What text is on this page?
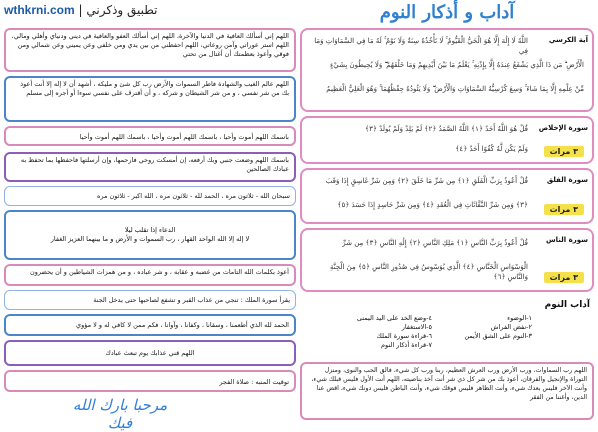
wthkrni.com | تطبيق وذكرني	آداب و أذكار النوم
اللهم إني أسألك العافية في الدنيا والآخرة، اللهم إني أسألك العفو والعافية في ديني ودنياي وأهلي ومالي، اللهم استر عوراتي وآمن روعاتي، اللهم احفظني من بين يدي ومن خلفي وعن يميني وعن شمالي ومن فوقي وأعوذ بعظمتك أن أغتال من تحتي
اللهم عالم الغيب والشهادة فاطر السموات والأرض رب كل شئ و مليكه ، أشهد أن لا إله إلا أنت أعوذ بك من شر نفسي ، و من شر الشيطان و شركه ، و أن أقترف على نفسي سوءا أو أجره إلى مسلم
باسمك اللهم أموت وأحيا ، باسمك اللهم أموت وأحيا ، باسمك اللهم أموت وأحيا
باسمك اللهم وضعت جنبي وبك أرفعه، إن أمسكت روحي فارحمها، وإن أرسلتها فاحفظها بما تحفظ به عبادك الصالحين
سبحان الله - ثلاثون مره ، الحمد لله - ثلاثون مره ، الله اكبر - ثلاثون مره
الدعاء إذا تقلب ليلا
لا إله إلا الله الواحد القهار ، رب السموات و الأرض و ما بينهما العزيز الغفار
أعوذ بكلمات الله التامات من غضبه و عقابه ، و شر عباده ، و من همزات الشياطين و أن يحضرون
يقرأ سورة الملك : تنجي من عذاب القبر و تشفع لصاحبها حتى يدخل الجنة
الحمد لله الذي أطعمنا ، وسقانا ، وكفانا ، وآوانا ، فكم ممن لا كافي له و لا مؤوي
اللهم قني عذابك يوم تبعث عبادك
توقيت المنبه : صلاة الفجر
مرحبا بارك الله فيك
آية الكرسي
اللَّهُ لَا إِلَٰهَ إِلَّا هُوَ الْحَيُّ الْقَيُّومُ ۚ لَا تَأْخُذُهُ سِنَةٌ وَلَا نَوْمٌ ۚ لَهُ مَا فِي السَّمَاوَاتِ وَمَا فِي
الْأَرْضِ ۗ مَن ذَا الَّذِي يَشْفَعُ عِندَهُ إِلَّا بِإِذْنِهِ ۚ يَعْلَمُ مَا بَيْنَ أَيْدِيهِمْ وَمَا خَلْفَهُمْ ۖ وَلَا يُحِيطُونَ بِشَيْءٍ
مِّنْ عِلْمِهِ إِلَّا بِمَا شَاءَ ۚ وَسِعَ كُرْسِيُّهُ السَّمَاوَاتِ وَالْأَرْضَ ۖ وَلَا يَئُودُهُ حِفْظُهُمَا ۚ وَهُوَ الْعَلِيُّ الْعَظِيمُ
سورة الإخلاص
قُلْ هُوَ اللَّهُ أَحَدٌ ﴿١﴾ اللَّهُ الصَّمَدُ ﴿٢﴾ لَمْ يَلِدْ وَلَمْ يُولَدْ ﴿٣﴾
وَلَمْ يَكُن لَّهُ كُفُوًا أَحَدٌ ﴿٤﴾	٣ مرات
سورة الفلق
قُلْ أَعُوذُ بِرَبِّ الْفَلَقِ ﴿١﴾ مِن شَرِّ مَا خَلَقَ ﴿٢﴾ وَمِن شَرِّ غَاسِقٍ إِذَا وَقَبَ
﴿٣﴾ وَمِن شَرِّ النَّفَّاثَاتِ فِي الْعُقَدِ ﴿٤﴾ وَمِن شَرِّ حَاسِدٍ إِذَا حَسَدَ ﴿٥﴾	٣ مرات
سورة الناس
قُلْ أَعُوذُ بِرَبِّ النَّاسِ ﴿١﴾ مَلِكِ النَّاسِ ﴿٢﴾ إِلَٰهِ النَّاسِ ﴿٣﴾ مِن شَرِّ
الْوَسْوَاسِ الْخَنَّاسِ ﴿٤﴾ الَّذِي يُوَسْوِسُ فِي صُدُورِ النَّاسِ ﴿٥﴾ مِنَ الْجِنَّةِ وَالنَّاسِ ﴿٦﴾	٣ مرات
آداب النوم
١-الوضوء
٢-نفض الفراش
٣-النوم على الشق الأيمن
٤-وضع الخد على اليد اليمنى
٥-الاستغفار
٦-قراءة سورة الملك
٧-قراءة أذكار النوم
اللهم رب السماوات، ورب الأرض ورب العرش العظيم، ربنا ورب كل شيء، فالق الحب والنوى، ومنزل التوراة والإنجيل والفرقان، أعوذ بك من شر كل ذي شر أنت آخذ بناصيته، اللهم أنت الأول فليس قبلك شيء، وأنت الآخر فليس بعدك شيء، وأنت الظاهر فليس فوقك شيء، وأنت الباطن فليس دونك شيء، اقض عنا الدين، وأغننا من الفقر
